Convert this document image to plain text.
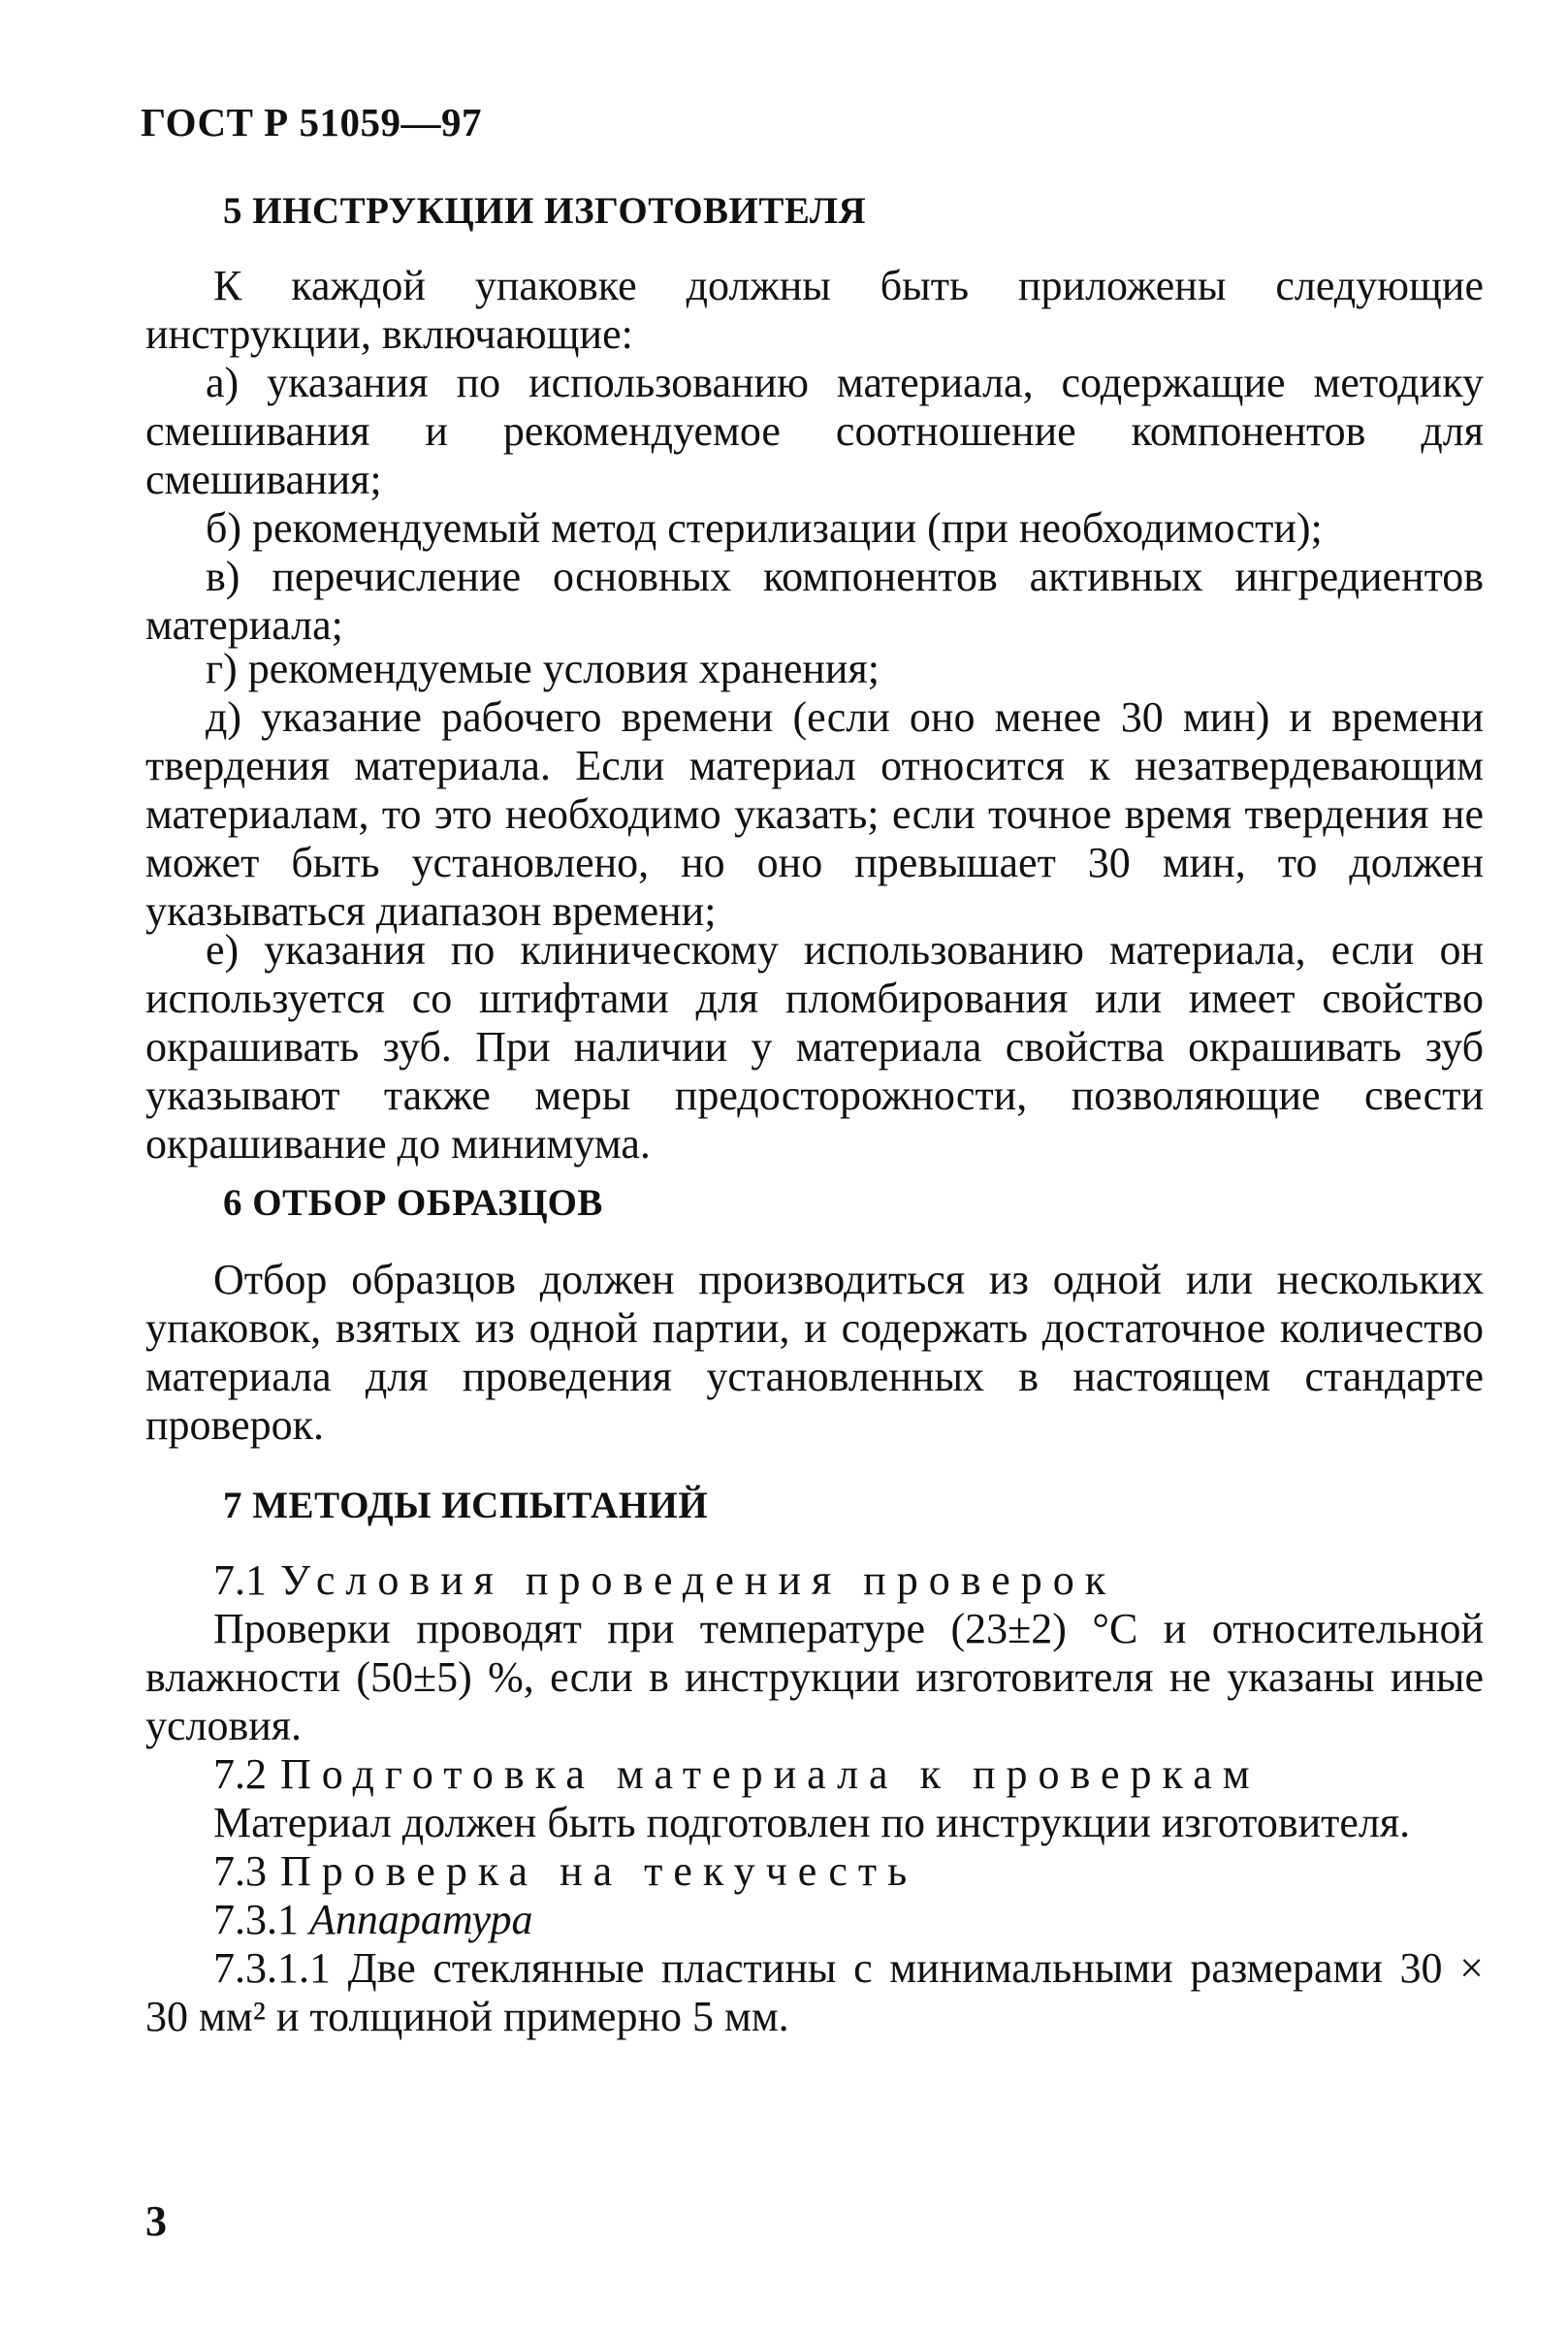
ГОСТ Р 51059—97
5 ИНСТРУКЦИИ ИЗГОТОВИТЕЛЯ

К каждой упаковке должны быть приложены следующие инструкции, включающие:

а) указания по использованию материала, содержащие методику смешивания и рекомендуемое соотношение компонентов для смешивания;

б) рекомендуемый метод стерилизации (при необходимости);

в) перечисление основных компонентов активных ингредиентов материала;

г) рекомендуемые условия хранения;

д) указание рабочего времени (если оно менее 30 мин) и времени твердения материала. Если материал относится к незатвердевающим материалам, то это необходимо указать; если точное время твердения не может быть установлено, но оно превышает 30 мин, то должен указываться диапазон времени;

е) указания по клиническому использованию материала, если он используется со штифтами для пломбирования или имеет свойство окрашивать зуб. При наличии у материала свойства окрашивать зуб указывают также меры предосторожности, позволяющие свести окрашивание до минимума.

6 ОТБОР ОБРАЗЦОВ

Отбор образцов должен производиться из одной или нескольких упаковок, взятых из одной партии, и содержать достаточное количество материала для проведения установленных в настоящем стандарте проверок.

7 МЕТОДЫ ИСПЫТАНИЙ
7.1 Условия проведения проверок

Проверки проводят при температуре (23±2) °С и относительной влажности (50±5) %, если в инструкции изготовителя не указаны иные условия.

7.2 Подготовка материала к проверкам
Материал должен быть подготовлен по инструкции изготовителя.
7.3 Проверка на текучесть
7.3.1 Аппаратура

7.3.1.1 Две стеклянные пластины с минимальными размерами 30 × 30 мм² и толщиной примерно 5 мм.

3
